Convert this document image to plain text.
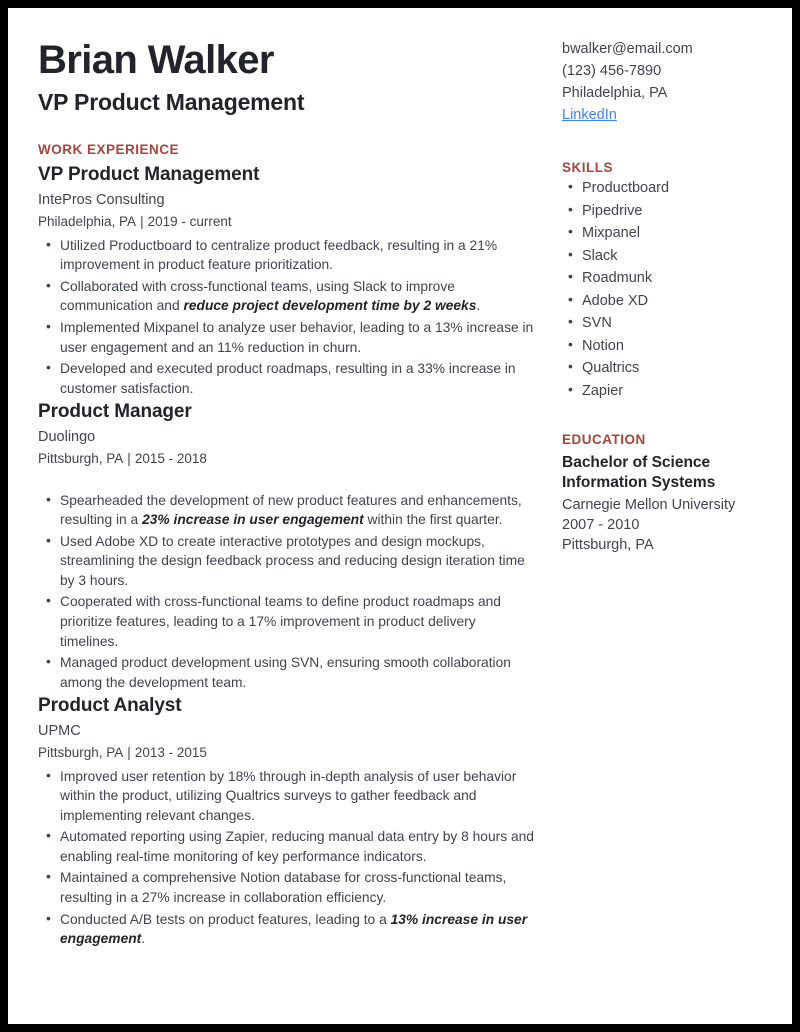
Brian Walker
VP Product Management
WORK EXPERIENCE
VP Product Management
IntePros Consulting
Philadelphia, PA | 2019 - current
• Utilized Productboard to centralize product feedback, resulting in a 21% improvement in product feature prioritization.
• Collaborated with cross-functional teams, using Slack to improve communication and reduce project development time by 2 weeks.
• Implemented Mixpanel to analyze user behavior, leading to a 13% increase in user engagement and an 11% reduction in churn.
• Developed and executed product roadmaps, resulting in a 33% increase in customer satisfaction.
Product Manager
Duolingo
Pittsburgh, PA | 2015 - 2018
• Spearheaded the development of new product features and enhancements, resulting in a 23% increase in user engagement within the first quarter.
• Used Adobe XD to create interactive prototypes and design mockups, streamlining the design feedback process and reducing design iteration time by 3 hours.
• Cooperated with cross-functional teams to define product roadmaps and prioritize features, leading to a 17% improvement in product delivery timelines.
• Managed product development using SVN, ensuring smooth collaboration among the development team.
Product Analyst
UPMC
Pittsburgh, PA | 2013 - 2015
• Improved user retention by 18% through in-depth analysis of user behavior within the product, utilizing Qualtrics surveys to gather feedback and implementing relevant changes.
• Automated reporting using Zapier, reducing manual data entry by 8 hours and enabling real-time monitoring of key performance indicators.
• Maintained a comprehensive Notion database for cross-functional teams, resulting in a 27% increase in collaboration efficiency.
• Conducted A/B tests on product features, leading to a 13% increase in user engagement.
bwalker@email.com
(123) 456-7890
Philadelphia, PA
LinkedIn
SKILLS
• Productboard
• Pipedrive
• Mixpanel
• Slack
• Roadmunk
• Adobe XD
• SVN
• Notion
• Qualtrics
• Zapier
EDUCATION
Bachelor of Science
Information Systems
Carnegie Mellon University
2007 - 2010
Pittsburgh, PA
